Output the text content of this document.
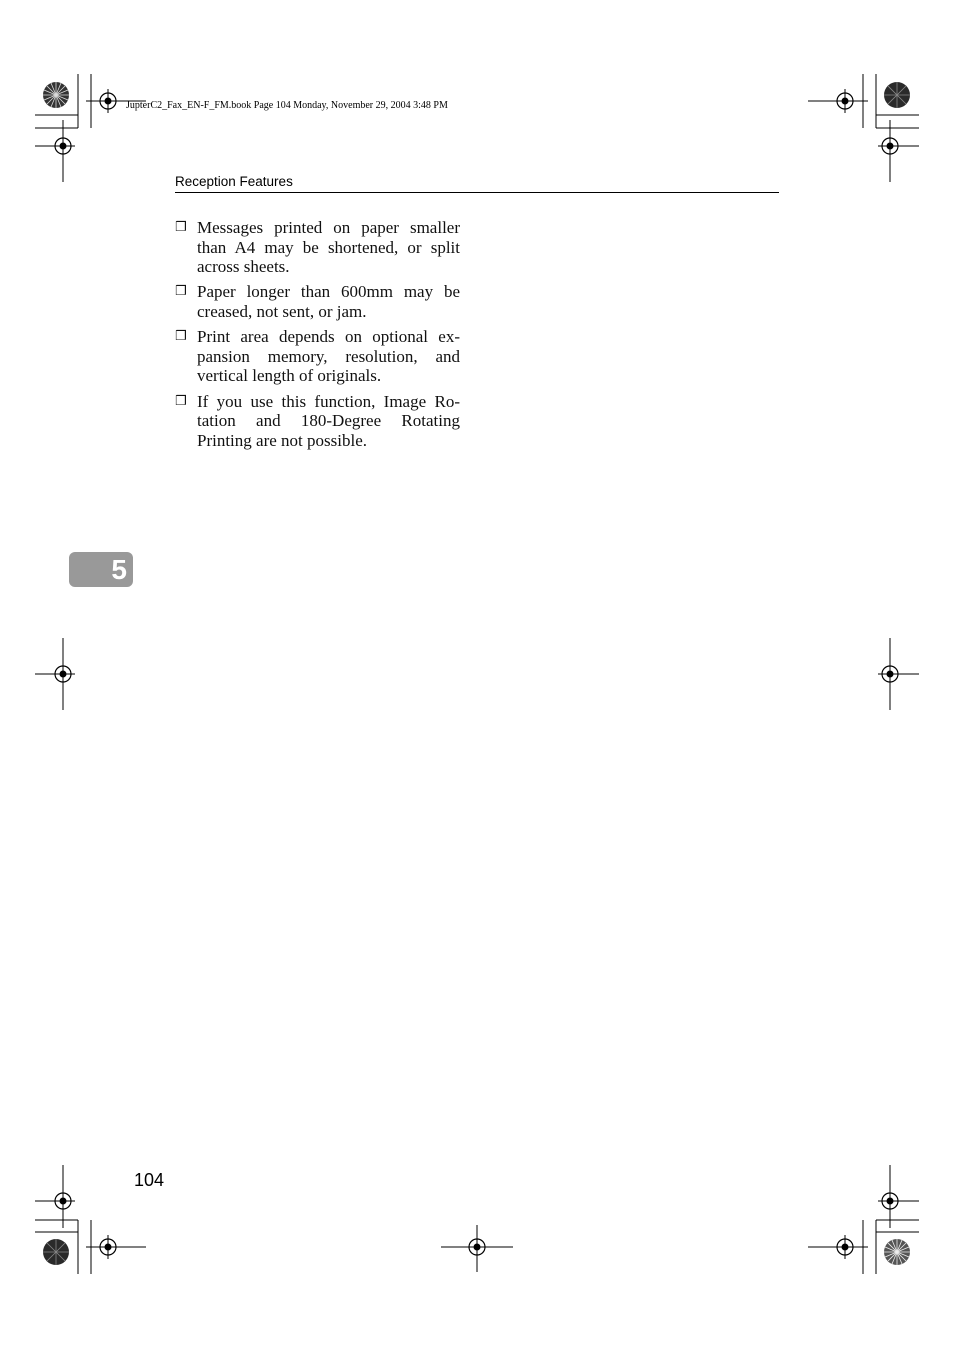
JupterC2_Fax_EN-F_FM.book Page 104 Monday, November 29, 2004 3:48 PM
Reception Features
❒ Messages printed on paper smaller than A4 may be shortened, or split across sheets.
❒ Paper longer than 600mm may be creased, not sent, or jam.
❒ Print area depends on optional expansion memory, resolution, and vertical length of originals.
❒ If you use this function, Image Rotation and 180-Degree Rotating Printing are not possible.
5
104
